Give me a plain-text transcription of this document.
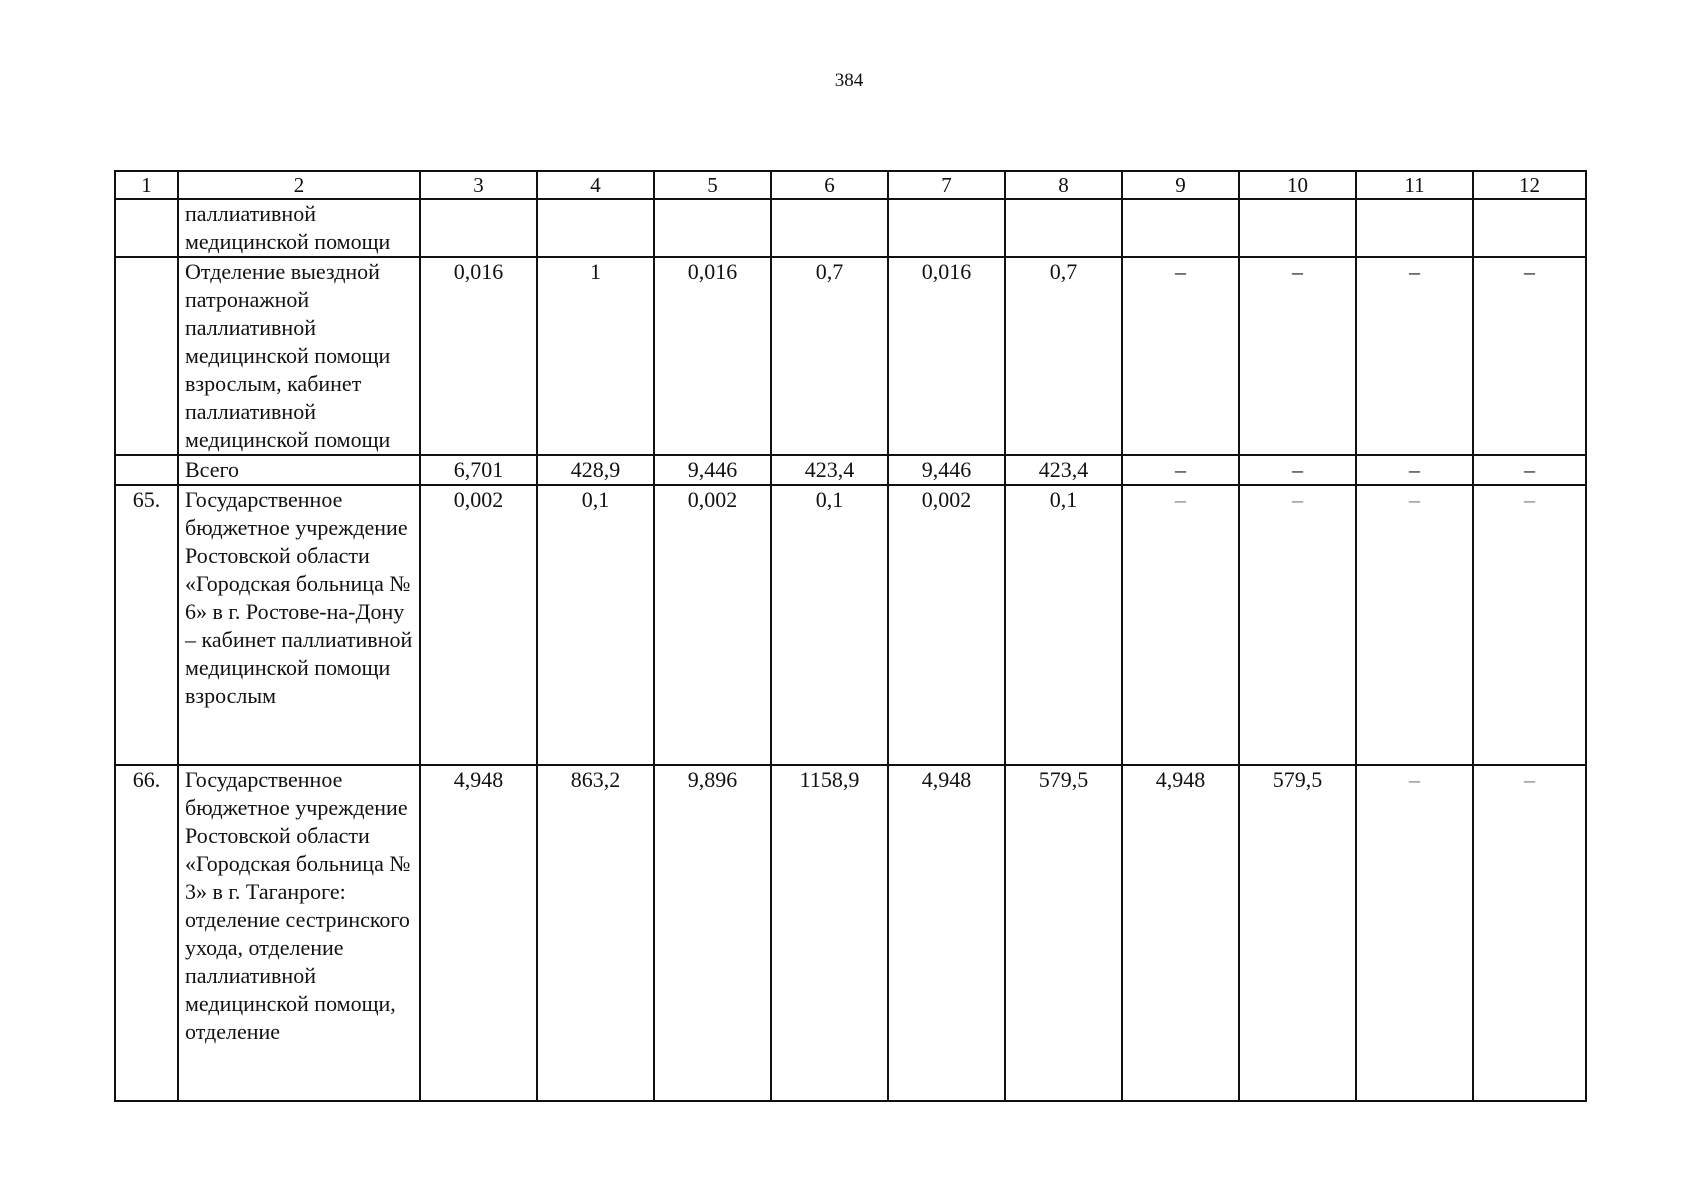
384
1	2	3	4	5	6	7	8	9	10	11	12
	паллиативной медицинской помощи										
	Отделение выездной патронажной паллиативной медицинской помощи взрослым, кабинет паллиативной медицинской помощи	0,016	1	0,016	0,7	0,016	0,7	–	–	–	–
	Всего	6,701	428,9	9,446	423,4	9,446	423,4	–	–	–	–
65.	Государственное бюджетное учреждение Ростовской области «Городская больница № 6» в г. Ростове-на-Дону – кабинет паллиативной медицинской помощи взрослым	0,002	0,1	0,002	0,1	0,002	0,1	–	–	–	–
66.	Государственное бюджетное учреждение Ростовской области «Городская больница № 3» в г. Таганроге: отделение сестринского ухода, отделение паллиативной медицинской помощи, отделение	4,948	863,2	9,896	1158,9	4,948	579,5	4,948	579,5	–	–
